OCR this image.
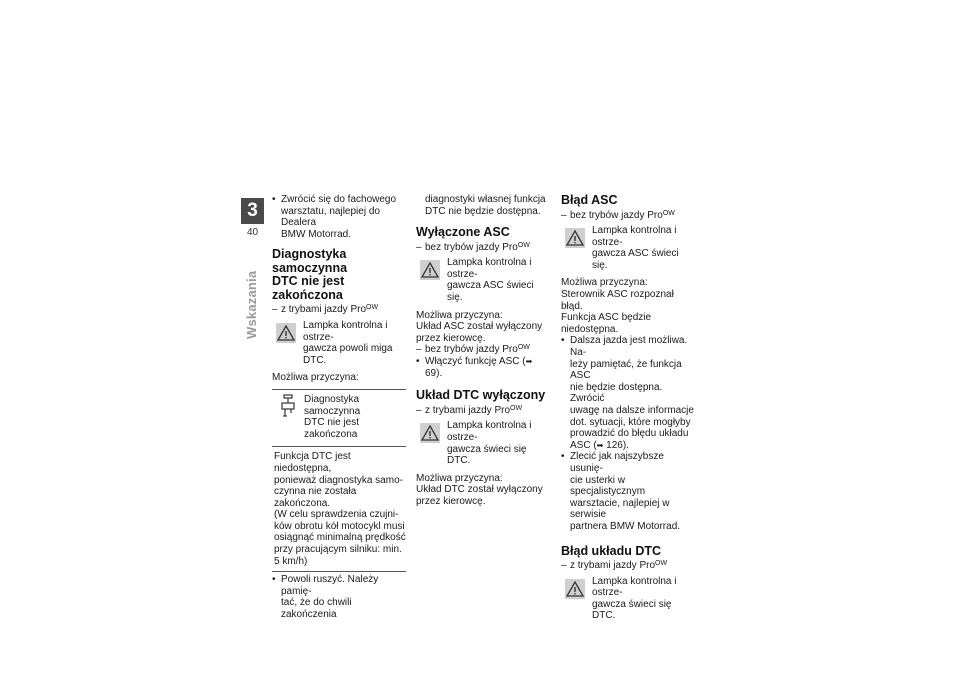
3
40
Wskazania
• Zwrócić się do fachowego
warsztatu, najlepiej do Dealera
BMW Motorrad.
Diagnostyka samoczynna
DTC nie jest zakończona
– z trybami jazdy Pro$^{OW}$
Lampka kontrolna i ostrze-
gawcza powoli miga DTC.
Możliwa przyczyna:
Diagnostyka samoczynna
DTC nie jest zakończona
Funkcja DTC jest niedostępna,
ponieważ diagnostyka samo-
czynna nie została zakończona.
(W celu sprawdzenia czujni-
ków obrotu kół motocykl musi
osiągnąć minimalną prędkość
przy pracującym silniku: min.
5 km/h)
• Powoli ruszyć. Należy pamię-
tać, że do chwili zakończenia
diagnostyki własnej funkcja
DTC nie będzie dostępna.
Wyłączone ASC
– bez trybów jazdy Pro$^{OW}$
Lampka kontrolna i ostrze-
gawcza ASC świeci się.
Możliwa przyczyna:
Układ ASC został wyłączony
przez kierowcę.
– bez trybów jazdy Pro$^{OW}$
• Włączyć funkcję ASC (➡ 69).
Układ DTC wyłączony
– z trybami jazdy Pro$^{OW}$
Lampka kontrolna i ostrze-
gawcza świeci się DTC.
Możliwa przyczyna:
Układ DTC został wyłączony
przez kierowcę.
Błąd ASC
– bez trybów jazdy Pro$^{OW}$
Lampka kontrolna i ostrze-
gawcza ASC świeci się.
Możliwa przyczyna:
Sterownik ASC rozpoznał błąd.
Funkcja ASC będzie niedostępna.
• Dalsza jazda jest możliwa. Na-
leży pamiętać, że funkcja ASC
nie będzie dostępna. Zwrócić
uwagę na dalsze informacje
dot. sytuacji, które mogłyby
prowadzić do błędu układu
ASC (➡ 126).
• Zlecić jak najszybsze usunię-
cie usterki w specjalistycznym
warsztacie, najlepiej w serwisie
partnera BMW Motorrad.
Błąd układu DTC
– z trybami jazdy Pro$^{OW}$
Lampka kontrolna i ostrze-
gawcza świeci się DTC.
